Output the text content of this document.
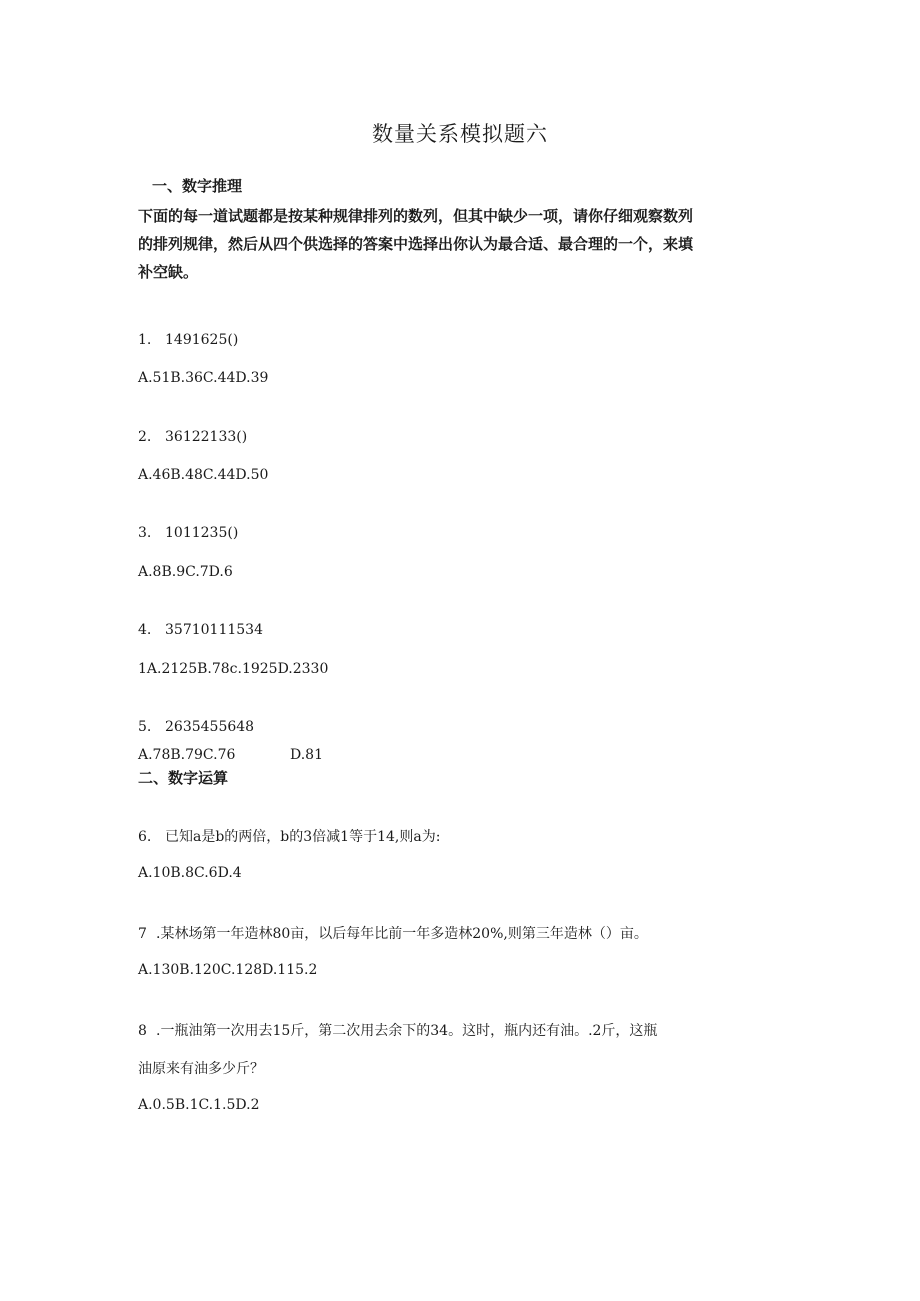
数量关系模拟题六
一、数字推理

下面的每一道试题都是按某种规律排列的数列，但其中缺少一项，请你仔细观察数列

的排列规律，然后从四个供选择的答案中选择出你认为最合适、最合理的一个，来填

补空缺。

1. 1491625()
A.51B.36C.44D.39
2. 36122133()
A.46B.48C.44D.50
3. 1011235()
A.8B.9C.7D.6
4. 35710111534
1A.2125B.78c.1925D.2330
5. 2635455648
A.78B.79C.76	D.81
二、数字运算
6. 已知a是b的两倍，b的3倍减1等于14,则a为:
A.10B.8C.6D.4
7 .某林场第一年造林80亩，以后每年比前一年多造林20%,则第三年造林（）亩。
A.130B.120C.128D.115.2
8 .一瓶油第一次用去15斤，第二次用去余下的34。这时，瓶内还有油。.2斤，这瓶
油原来有油多少斤？
A.0.5B.1C.1.5D.2
